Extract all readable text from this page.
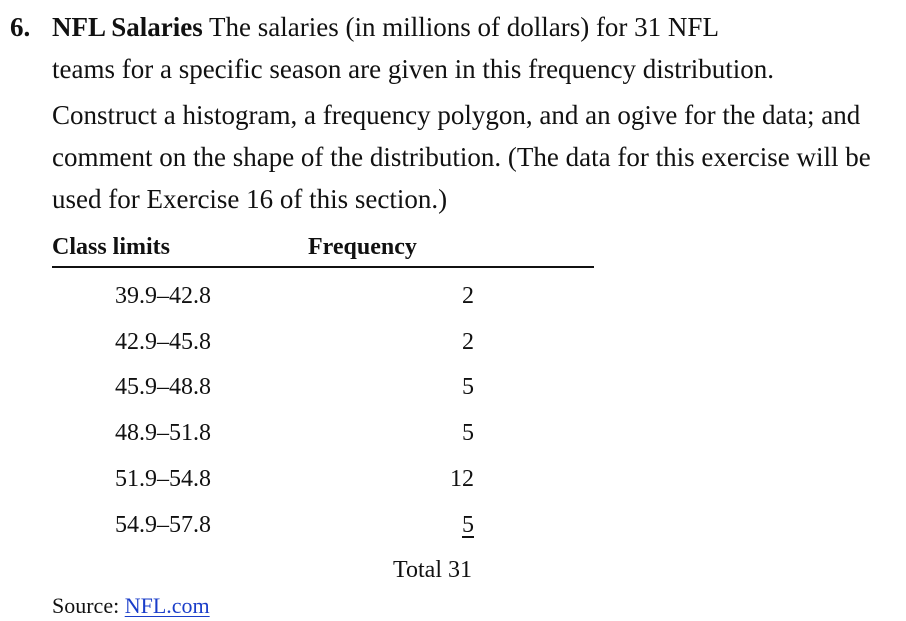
6. NFL Salaries The salaries (in millions of dollars) for 31 NFL
teams for a specific season are given in this frequency distribution.
Construct a histogram, a frequency polygon, and an ogive for the data; and comment on the shape of the distribution. (The data for this exercise will be used for Exercise 16 of this section.)
Class limits	Frequency
39.9–42.8	2
42.9–45.8	2
45.9–48.8	5
48.9–51.8	5
51.9–54.8	12
54.9–57.8	5
Total 31
Source: NFL.com
